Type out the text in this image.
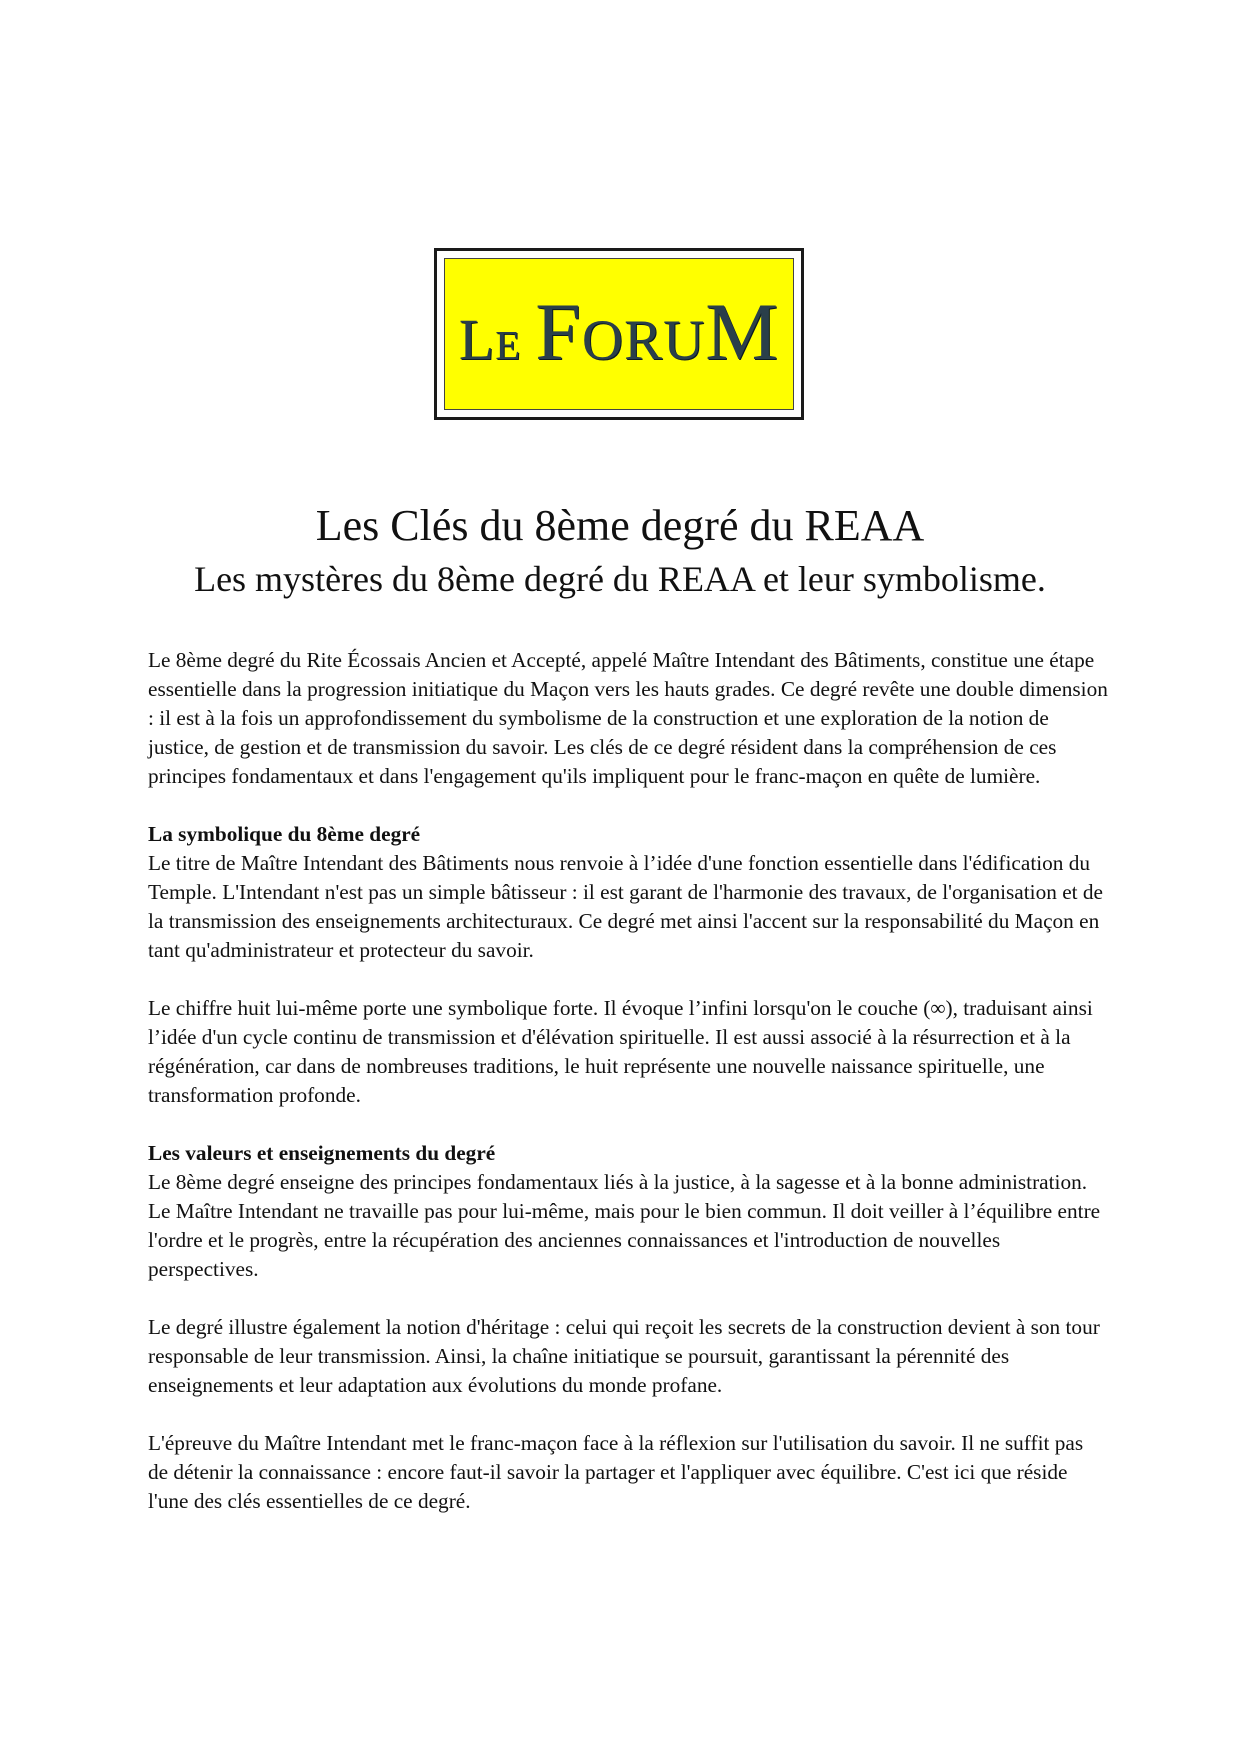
Le ForuM
Les Clés du 8ème degré du REAA
Les mystères du 8ème degré du REAA et leur symbolisme.

Le 8ème degré du Rite Écossais Ancien et Accepté, appelé Maître Intendant des Bâtiments, constitue une étape essentielle dans la progression initiatique du Maçon vers les hauts grades. Ce degré revête une double dimension : il est à la fois un approfondissement du symbolisme de la construction et une exploration de la notion de justice, de gestion et de transmission du savoir. Les clés de ce degré résident dans la compréhension de ces principes fondamentaux et dans l'engagement qu'ils impliquent pour le franc-maçon en quête de lumière.

La symbolique du 8ème degré

Le titre de Maître Intendant des Bâtiments nous renvoie à l’idée d'une fonction essentielle dans l'édification du Temple. L'Intendant n'est pas un simple bâtisseur : il est garant de l'harmonie des travaux, de l'organisation et de la transmission des enseignements architecturaux. Ce degré met ainsi l'accent sur la responsabilité du Maçon en tant qu'administrateur et protecteur du savoir.

Le chiffre huit lui-même porte une symbolique forte. Il évoque l’infini lorsqu'on le couche (∞), traduisant ainsi l’idée d'un cycle continu de transmission et d'élévation spirituelle. Il est aussi associé à la résurrection et à la régénération, car dans de nombreuses traditions, le huit représente une nouvelle naissance spirituelle, une transformation profonde.

Les valeurs et enseignements du degré

Le 8ème degré enseigne des principes fondamentaux liés à la justice, à la sagesse et à la bonne administration. Le Maître Intendant ne travaille pas pour lui-même, mais pour le bien commun. Il doit veiller à l’équilibre entre l'ordre et le progrès, entre la récupération des anciennes connaissances et l'introduction de nouvelles perspectives.

Le degré illustre également la notion d'héritage : celui qui reçoit les secrets de la construction devient à son tour responsable de leur transmission. Ainsi, la chaîne initiatique se poursuit, garantissant la pérennité des enseignements et leur adaptation aux évolutions du monde profane.

L'épreuve du Maître Intendant met le franc-maçon face à la réflexion sur l'utilisation du savoir. Il ne suffit pas de détenir la connaissance : encore faut-il savoir la partager et l'appliquer avec équilibre. C'est ici que réside l'une des clés essentielles de ce degré.
